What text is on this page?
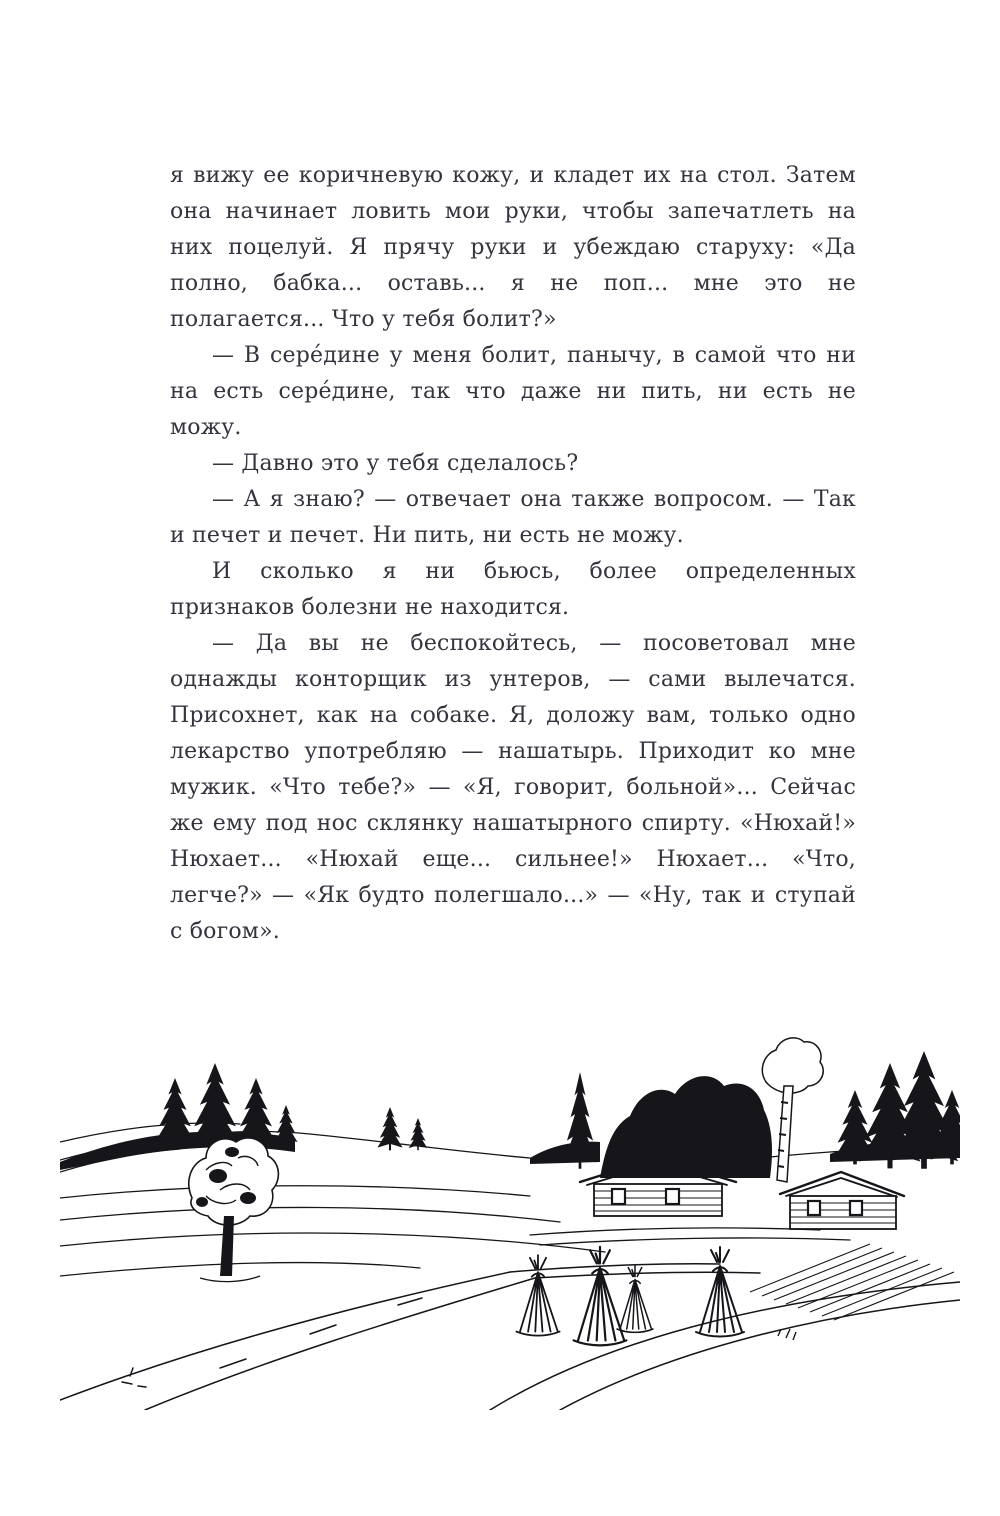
я вижу ее коричневую кожу, и кладет их на стол. Затем она начинает ловить мои руки, чтобы запечатлеть на них поцелуй. Я прячу руки и убеждаю старуху: «Да полно, бабка... оставь... я не поп... мне это не полагается... Что у тебя болит?»

— В сере́дине у меня болит, панычу, в самой что ни на есть сере́дине, так что даже ни пить, ни есть не можу.

— Давно это у тебя сделалось?

— А я знаю? — отвечает она также вопросом. — Так и печет и печет. Ни пить, ни есть не можу.

И сколько я ни бьюсь, более определенных признаков болезни не находится.

— Да вы не беспокойтесь, — посоветовал мне однажды конторщик из унтеров, — сами вылечатся. Присохнет, как на собаке. Я, доложу вам, только одно лекарство употребляю — нашатырь. Приходит ко мне мужик. «Что тебе?» — «Я, говорит, больной»... Сейчас же ему под нос склянку нашатырного спирту. «Нюхай!» Нюхает... «Нюхай еще... сильнее!» Нюхает... «Что, легче?» — «Як будто полегшало...» — «Ну, так и ступай с богом».
